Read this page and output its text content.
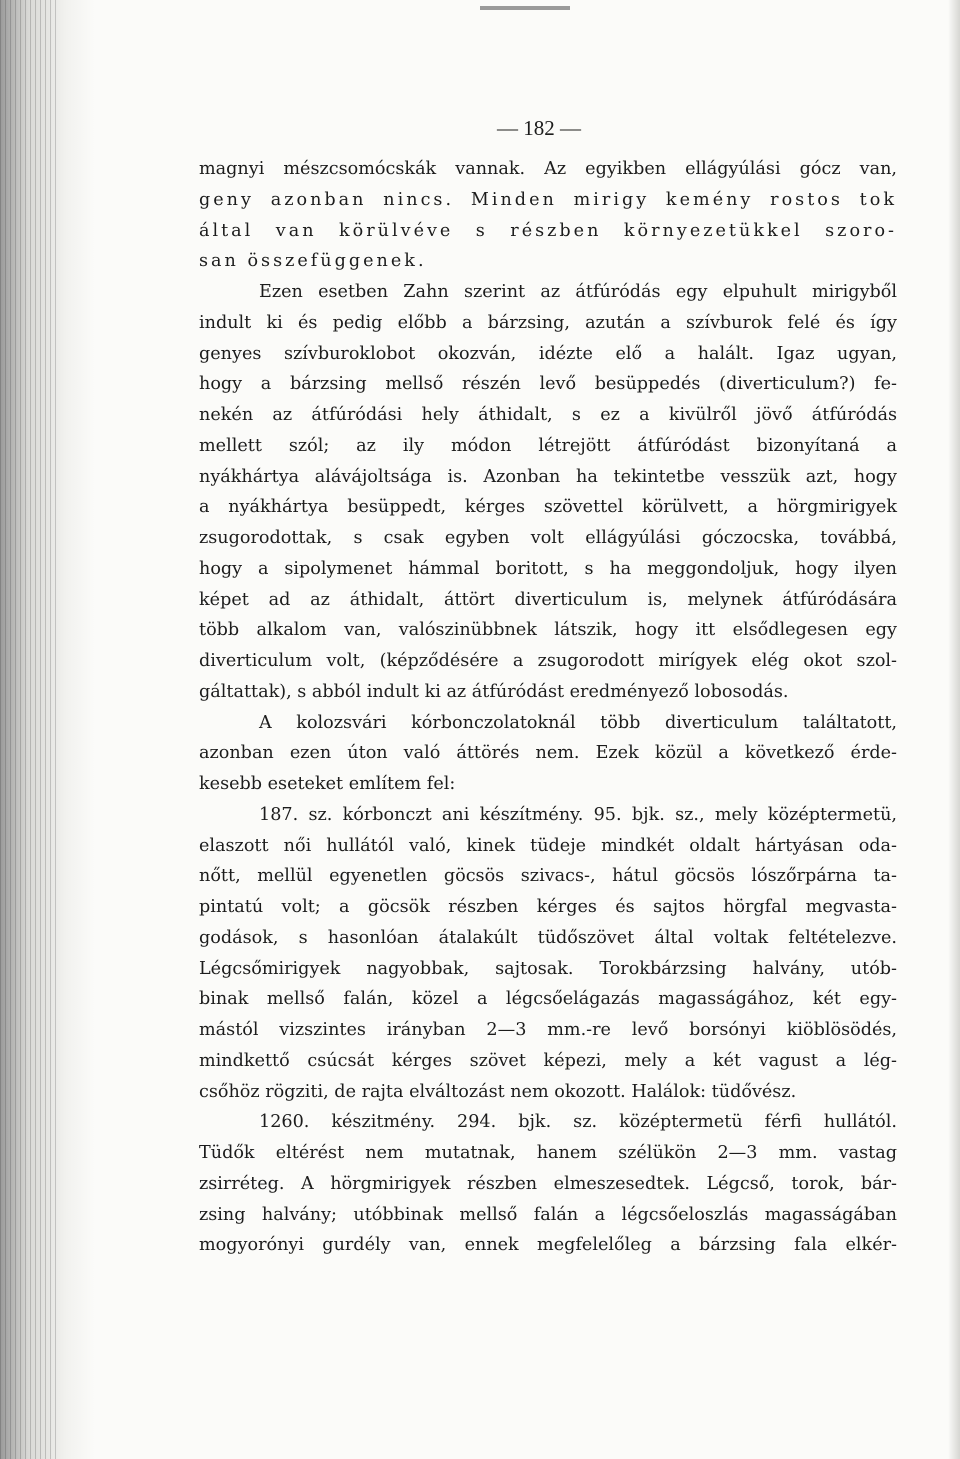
— 182 —
magnyi mészcsomócskák vannak. Az egyikben ellágyúlási gócz van,
geny azonban nincs. Minden mirigy kemény rostos tok
által van körülvéve s részben környezetükkel szoro-
san összefüggenek.
Ezen esetben Zahn szerint az átfúródás egy elpuhult mirigyből
indult ki és pedig előbb a bárzsing, azután a szívburok felé és így
genyes szívburoklobot okozván, idézte elő a halált. Igaz ugyan,
hogy a bárzsing mellső részén levő besüppedés (diverticulum?) fe-
nekén az átfúródási hely áthidalt, s ez a kivülről jövő átfúródás
mellett szól; az ily módon létrejött átfúródást bizonyítaná a
nyákhártya alávájoltsága is. Azonban ha tekintetbe vesszük azt, hogy
a nyákhártya besüppedt, kérges szövettel körülvett, a hörgmirigyek
zsugorodottak, s csak egyben volt ellágyúlási góczocska, továbbá,
hogy a sipolymenet hámmal boritott, s ha meggondoljuk, hogy ilyen
képet ad az áthidalt, áttört diverticulum is, melynek átfúródására
több alkalom van, valószinübbnek látszik, hogy itt elsődlegesen egy
diverticulum volt, (képződésére a zsugorodott mirígyek elég okot szol-
gáltattak), s abból indult ki az átfúródást eredményező lobosodás.
A kolozsvári kórbonczolatoknál több diverticulum találtatott,
azonban ezen úton való áttörés nem. Ezek közül a következő érde-
kesebb eseteket említem fel:
187. sz. kórbonczt ani készítmény. 95. bjk. sz., mely középtermetü,
elaszott női hullától való, kinek tüdeje mindkét oldalt hártyásan oda-
nőtt, mellül egyenetlen göcsös szivacs-, hátul göcsös lószőrpárna ta-
pintatú volt; a göcsök részben kérges és sajtos hörgfal megvasta-
godások, s hasonlóan átalakúlt tüdőszövet által voltak feltételezve.
Légcsőmirigyek nagyobbak, sajtosak. Torokbárzsing halvány, utób-
binak mellső falán, közel a légcsőelágazás magasságához, két egy-
mástól vizszintes irányban 2—3 mm.-re levő borsónyi kiöblösödés,
mindkettő csúcsát kérges szövet képezi, mely a két vagust a lég-
csőhöz rögziti, de rajta elváltozást nem okozott. Halálok: tüdővész.
1260. készitmény. 294. bjk. sz. középtermetü férfi hullától.
Tüdők eltérést nem mutatnak, hanem szélükön 2—3 mm. vastag
zsirréteg. A hörgmirigyek részben elmeszesedtek. Légcső, torok, bár-
zsing halvány; utóbbinak mellső falán a légcsőeloszlás magasságában
mogyorónyi gurdély van, ennek megfelelőleg a bárzsing fala elkér-
